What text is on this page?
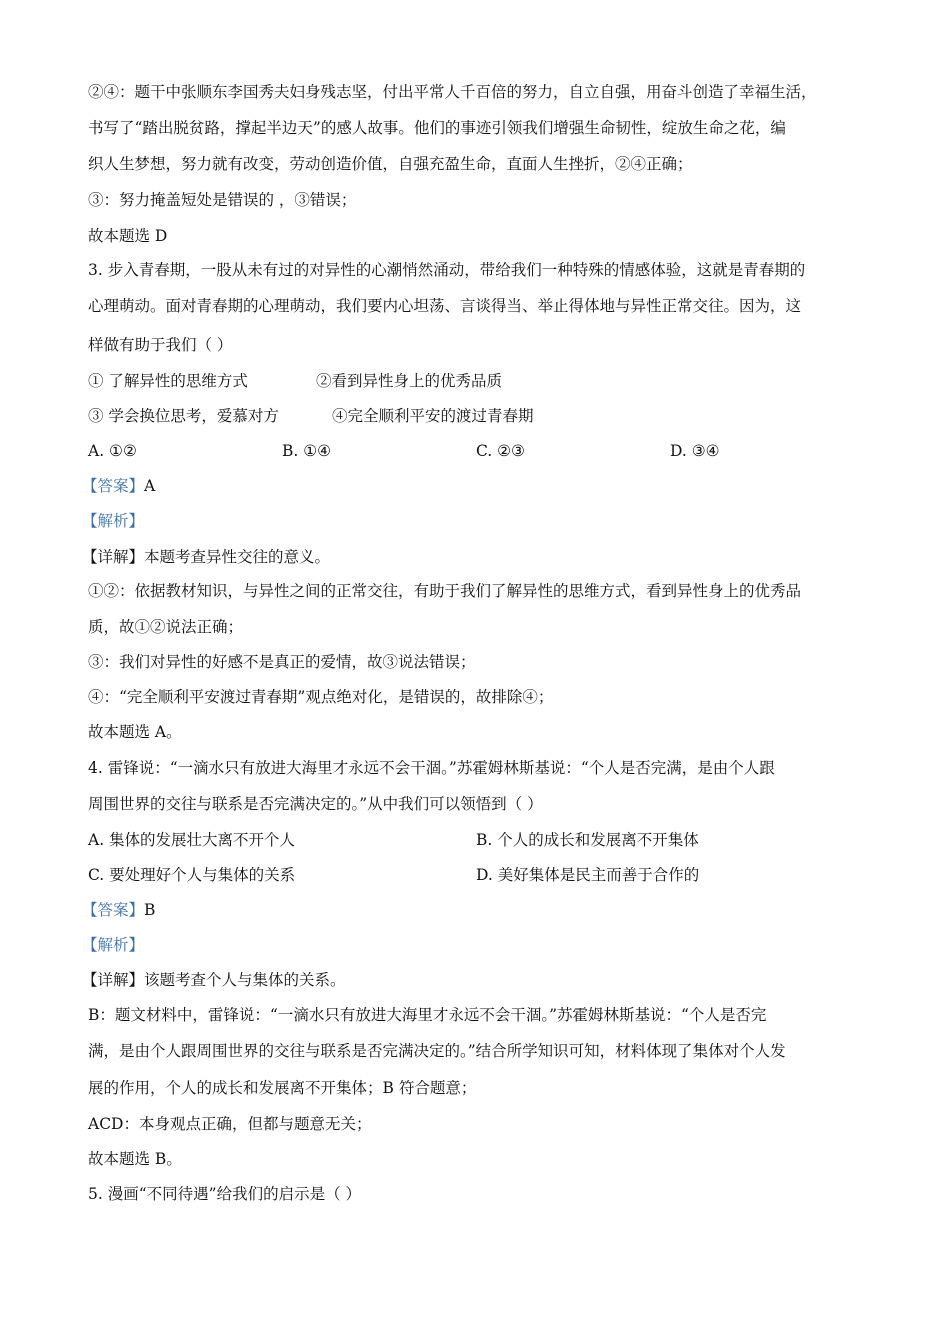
②④：题干中张顺东李国秀夫妇身残志坚，付出平常人千百倍的努力，自立自强，用奋斗创造了幸福生活，
书写了“踏出脱贫路，撑起半边天”的感人故事。他们的事迹引领我们增强生命韧性，绽放生命之花，编
织人生梦想，努力就有改变，劳动创造价值，自强充盈生命，直面人生挫折，②④正确；
③：努力掩盖短处是错误的 ，③错误；
故本题选 D
3. 步入青春期，一股从未有过的对异性的心潮悄然涌动，带给我们一种特殊的情感体验，这就是青春期的
心理萌动。面对青春期的心理萌动，我们要内心坦荡、言谈得当、举止得体地与异性正常交往。因为，这
样做有助于我们（ ）
① 了解异性的思维方式	②看到异性身上的优秀品质
③ 学会换位思考，爱慕对方	④完全顺利平安的渡过青春期
A. ①②	B. ①④	C. ②③	D. ③④
【答案】A
【解析】
【详解】本题考查异性交往的意义。
①②：依据教材知识，与异性之间的正常交往，有助于我们了解异性的思维方式，看到异性身上的优秀品
质，故①②说法正确；
③：我们对异性的好感不是真正的爱情，故③说法错误；
④：“完全顺利平安渡过青春期”观点绝对化，是错误的，故排除④；
故本题选 A。
4. 雷锋说：“一滴水只有放进大海里才永远不会干涸。”苏霍姆林斯基说：“个人是否完满，是由个人跟
周围世界的交往与联系是否完满决定的。”从中我们可以领悟到（ ）
A. 集体的发展壮大离不开个人	B. 个人的成长和发展离不开集体
C. 要处理好个人与集体的关系	D. 美好集体是民主而善于合作的
【答案】B
【解析】
【详解】该题考查个人与集体的关系。
B：题文材料中，雷锋说：“一滴水只有放进大海里才永远不会干涸。”苏霍姆林斯基说：“个人是否完
满，是由个人跟周围世界的交往与联系是否完满决定的。”结合所学知识可知，材料体现了集体对个人发
展的作用，个人的成长和发展离不开集体；B 符合题意；
ACD：本身观点正确，但都与题意无关；
故本题选 B。
5. 漫画“不同待遇”给我们的启示是（ ）
